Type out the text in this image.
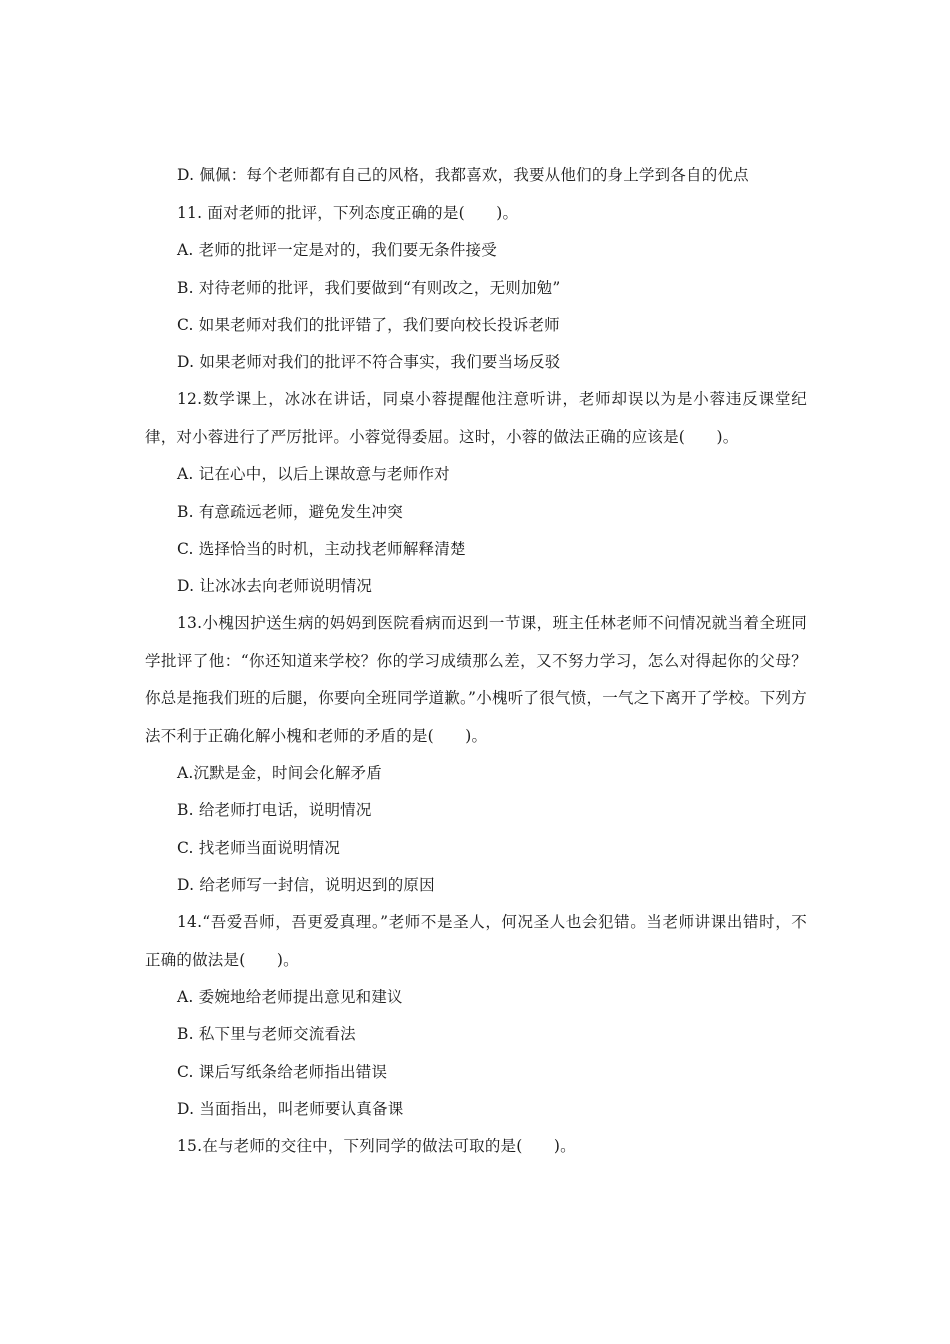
D. 佩佩：每个老师都有自己的风格，我都喜欢，我要从他们的身上学到各自的优点
11. 面对老师的批评，下列态度正确的是(　　)。
A. 老师的批评一定是对的，我们要无条件接受
B. 对待老师的批评，我们要做到“有则改之，无则加勉”
C. 如果老师对我们的批评错了，我们要向校长投诉老师
D. 如果老师对我们的批评不符合事实，我们要当场反驳
12.数学课上，冰冰在讲话，同桌小蓉提醒他注意听讲，老师却误以为是小蓉违反课堂纪律，对小蓉进行了严厉批评。小蓉觉得委屈。这时，小蓉的做法正确的应该是(　　)。
A. 记在心中，以后上课故意与老师作对
B. 有意疏远老师，避免发生冲突
C. 选择恰当的时机，主动找老师解释清楚
D. 让冰冰去向老师说明情况
13.小槐因护送生病的妈妈到医院看病而迟到一节课，班主任林老师不问情况就当着全班同学批评了他：“你还知道来学校？你的学习成绩那么差，又不努力学习，怎么对得起你的父母？你总是拖我们班的后腿，你要向全班同学道歉。”小槐听了很气愤，一气之下离开了学校。下列方法不利于正确化解小槐和老师的矛盾的是(　　)。
A.沉默是金，时间会化解矛盾
B. 给老师打电话，说明情况
C. 找老师当面说明情况
D. 给老师写一封信，说明迟到的原因
14.“吾爱吾师，吾更爱真理。”老师不是圣人，何况圣人也会犯错。当老师讲课出错时，不正确的做法是(　　)。
A. 委婉地给老师提出意见和建议
B. 私下里与老师交流看法
C. 课后写纸条给老师指出错误
D. 当面指出，叫老师要认真备课
15.在与老师的交往中，下列同学的做法可取的是(　　)。
